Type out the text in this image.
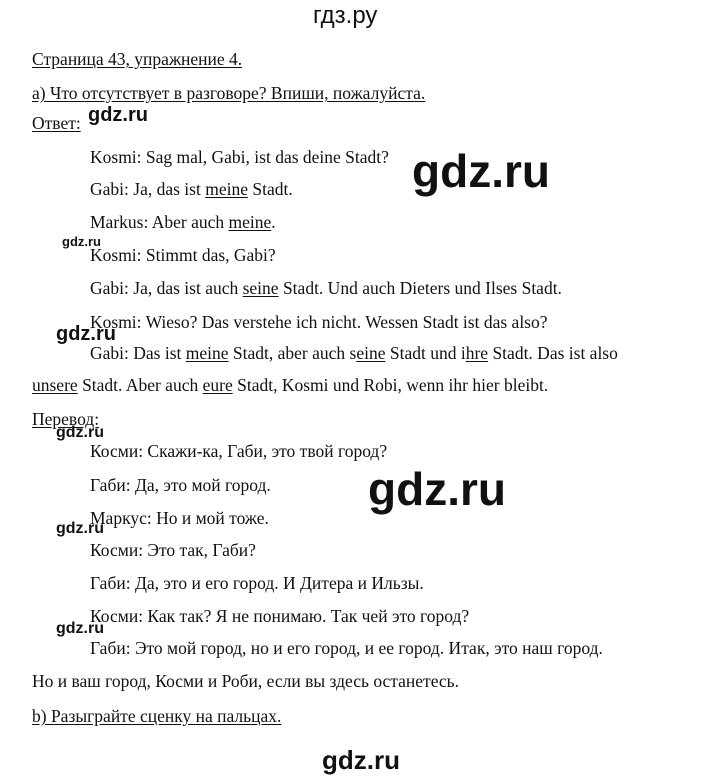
гдз.ру
Страница 43, упражнение 4.
а) Что отсутствует в разговоре? Впиши, пожалуйста.
Ответ: gdz.ru
gdz.ru
Kosmi: Sag mal, Gabi, ist das deine Stadt?
Gabi: Ja, das ist meine Stadt.
Markus: Aber auch meine.
gdz.ru
Kosmi: Stimmt das, Gabi?
Gabi: Ja, das ist auch seine Stadt. Und auch Dieters und Ilses Stadt.
Kosmi: Wieso? Das verstehe ich nicht. Wessen Stadt ist das also?
gdz.ru
Gabi: Das ist meine Stadt, aber auch seine Stadt und ihre Stadt. Das ist also
unsere Stadt. Aber auch eure Stadt, Kosmi und Robi, wenn ihr hier bleibt.
Перевод:
gdz.ru
Косми: Скажи-ка, Габи, это твой город?
gdz.ru
Габи: Да, это мой город.
Маркус: Но и мой тоже.
gdz.ru
Косми: Это так, Габи?
Габи: Да, это и его город. И Дитера и Ильзы.
Косми: Как так? Я не понимаю. Так чей это город?
gdz.ru
Габи: Это мой город, но и его город, и ее город. Итак, это наш город.
Но и ваш город, Косми и Роби, если вы здесь останетесь.
b) Разыграйте сценку на пальцах.
gdz.ru
